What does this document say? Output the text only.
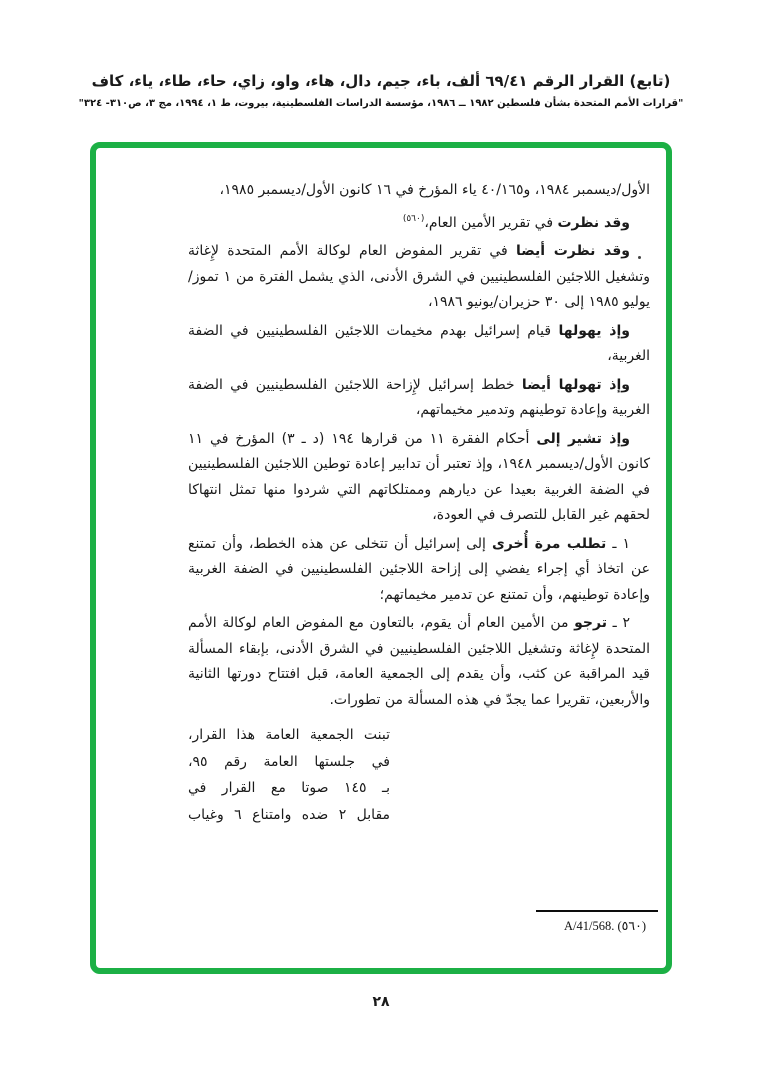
(تابع) القرار الرقم ٦٩/٤١ ألف، باء، جيم، دال، هاء، واو، زاي، حاء، طاء، ياء، كاف
"قرارات الأمم المتحدة بشأن فلسطين ١٩٨٢ ــ ١٩٨٦، مؤسسة الدراسات الفلسطينية، بيروت، ط ١، ١٩٩٤، مج ٣، ص٣١٠- ٣٢٤"

الأول/ديسمبر ١٩٨٤، و٤٠/١٦٥ ياء المؤرخ في ١٦ كانون الأول/ديسمبر ١٩٨٥،

وقد نظرت في تقرير الأمين العام،$^{(٥٦٠)}$

وقد نظرت أيضا في تقرير المفوض العام لوكالة الأمم المتحدة لإِغاثة وتشغيل اللاجئين الفلسطينيين في الشرق الأدنى، الذي يشمل الفترة من ١ تموز/يوليو ١٩٨٥ إلى ٣٠ حزيران/يونيو ١٩٨٦،

وإذ يهولها قيام إسرائيل بهدم مخيمات اللاجئين الفلسطينيين في الضفة الغربية،

وإذ تهولها أيضا خطط إسرائيل لإِزاحة اللاجئين الفلسطينيين في الضفة الغربية وإعادة توطينهم وتدمير مخيماتهم،

وإذ تشير إلى أحكام الفقرة ١١ من قرارها ١٩٤ (د ـ ٣) المؤرخ في ١١ كانون الأول/ديسمبر ١٩٤٨، وإذ تعتبر أن تدابير إعادة توطين اللاجئين الفلسطينيين في الضفة الغربية بعيدا عن ديارهم وممتلكاتهم التي شردوا منها تمثل انتهاكا لحقهم غير القابل للتصرف في العودة،

١ ـ تطلب مرة أُخرى إلى إسرائيل أن تتخلى عن هذه الخطط، وأن تمتنع عن اتخاذ أي إجراء يفضي إلى إزاحة اللاجئين الفلسطينيين في الضفة الغربية وإعادة توطينهم، وأن تمتنع عن تدمير مخيماتهم؛

٢ ـ ترجو من الأمين العام أن يقوم، بالتعاون مع المفوض العام لوكالة الأمم المتحدة لإِغاثة وتشغيل اللاجئين الفلسطينيين في الشرق الأدنى، بإبقاء المسألة قيد المراقبة عن كثب، وأن يقدم إلى الجمعية العامة، قبل افتتاح دورتها الثانية والأربعين، تقريرا عما يجدّ في هذه المسألة من تطورات.

تبنت الجمعية العامة هذا القرار،
في جلستها العامة رقم ٩٥،
بـ ١٤٥ صوتا مع القرار في
مقابل ٢ ضده وامتناع ٦ وغياب
A/41/568. (٥٦٠)
٢٨
